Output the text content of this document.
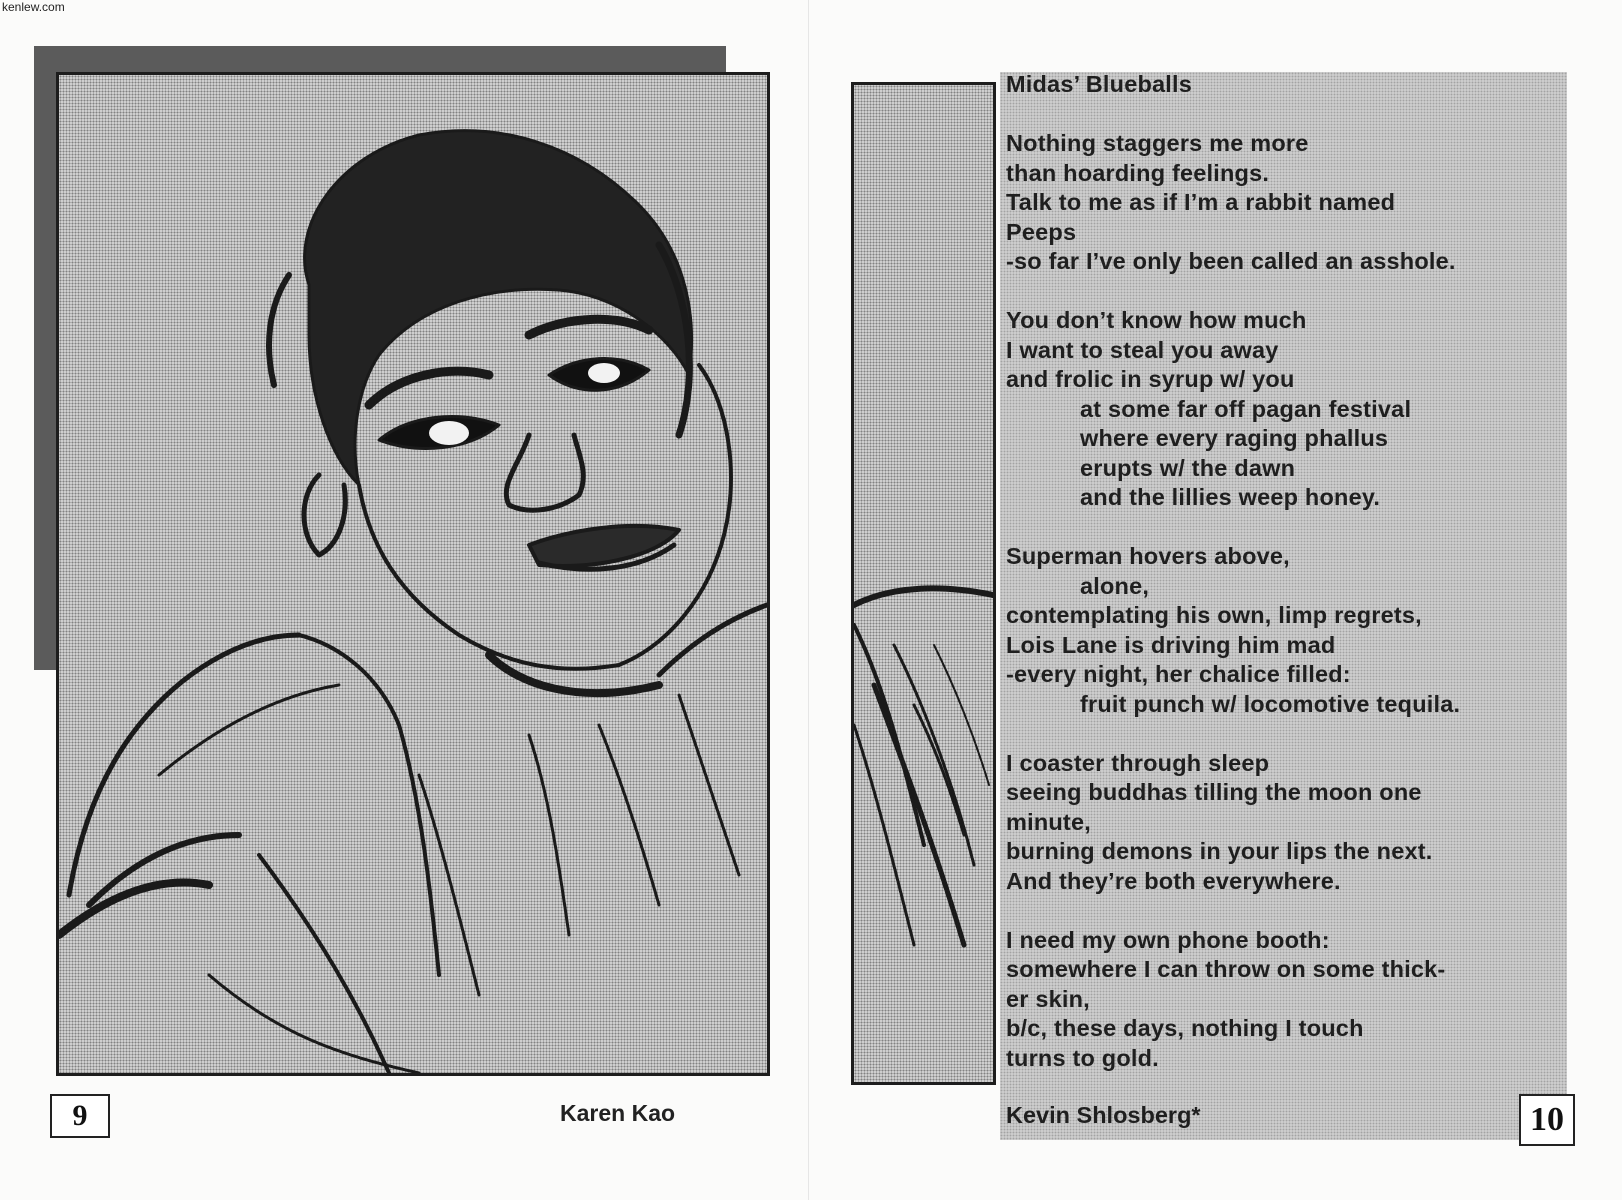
kenlew.com
9	Karen Kao
Midas’ Blueballs
Nothing staggers me more
than hoarding feelings.
Talk to me as if I’m a rabbit named
Peeps
-so far I’ve only been called an asshole.
You don’t know how much
I want to steal you away
and frolic in syrup w/ you
at some far off pagan festival
where every raging phallus
erupts w/ the dawn
and the lillies weep honey.
Superman hovers above,
alone,
contemplating his own, limp regrets,
Lois Lane is driving him mad
-every night, her chalice filled:
fruit punch w/ locomotive tequila.
I coaster through sleep
seeing buddhas tilling the moon one
minute,
burning demons in your lips the next.
And they’re both everywhere.
I need my own phone booth:
somewhere I can throw on some thick-
er skin,
b/c, these days, nothing I touch
turns to gold.
Kevin Shlosberg*	10
